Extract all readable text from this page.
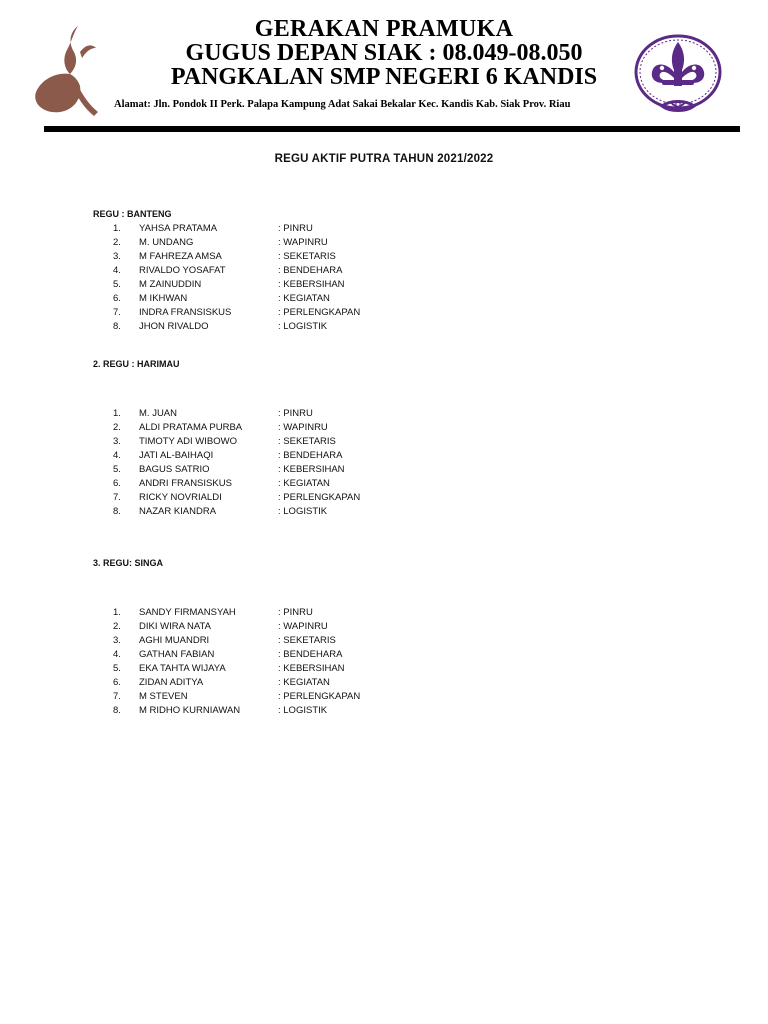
GERAKAN PRAMUKA
GUGUS DEPAN SIAK : 08.049-08.050
PANGKALAN SMP NEGERI 6 KANDIS
Alamat: Jln. Pondok II Perk. Palapa Kampung Adat Sakai Bekalar Kec. Kandis Kab. Siak Prov. Riau
REGU AKTIF PUTRA TAHUN 2021/2022
REGU : BANTENG
1.	YAHSA PRATAMA	: PINRU
2.	M. UNDANG	: WAPINRU
3.	M FAHREZA AMSA	: SEKETARIS
4.	RIVALDO YOSAFAT	: BENDEHARA
5.	M ZAINUDDIN	: KEBERSIHAN
6.	M IKHWAN	: KEGIATAN
7.	INDRA FRANSISKUS	: PERLENGKAPAN
8.	JHON RIVALDO	: LOGISTIK
2. REGU : HARIMAU
1.	M. JUAN	: PINRU
2.	ALDI PRATAMA PURBA	: WAPINRU
3.	TIMOTY ADI WIBOWO	: SEKETARIS
4.	JATI AL-BAIHAQI	: BENDEHARA
5.	BAGUS SATRIO	: KEBERSIHAN
6.	ANDRI FRANSISKUS	: KEGIATAN
7.	RICKY NOVRIALDI	: PERLENGKAPAN
8.	NAZAR KIANDRA	: LOGISTIK
3. REGU: SINGA
1.	SANDY FIRMANSYAH	: PINRU
2.	DIKI WIRA NATA	: WAPINRU
3.	AGHI MUANDRI	: SEKETARIS
4.	GATHAN FABIAN	: BENDEHARA
5.	EKA TAHTA WIJAYA	: KEBERSIHAN
6.	ZIDAN ADITYA	: KEGIATAN
7.	M STEVEN	: PERLENGKAPAN
8.	M RIDHO KURNIAWAN	: LOGISTIK
